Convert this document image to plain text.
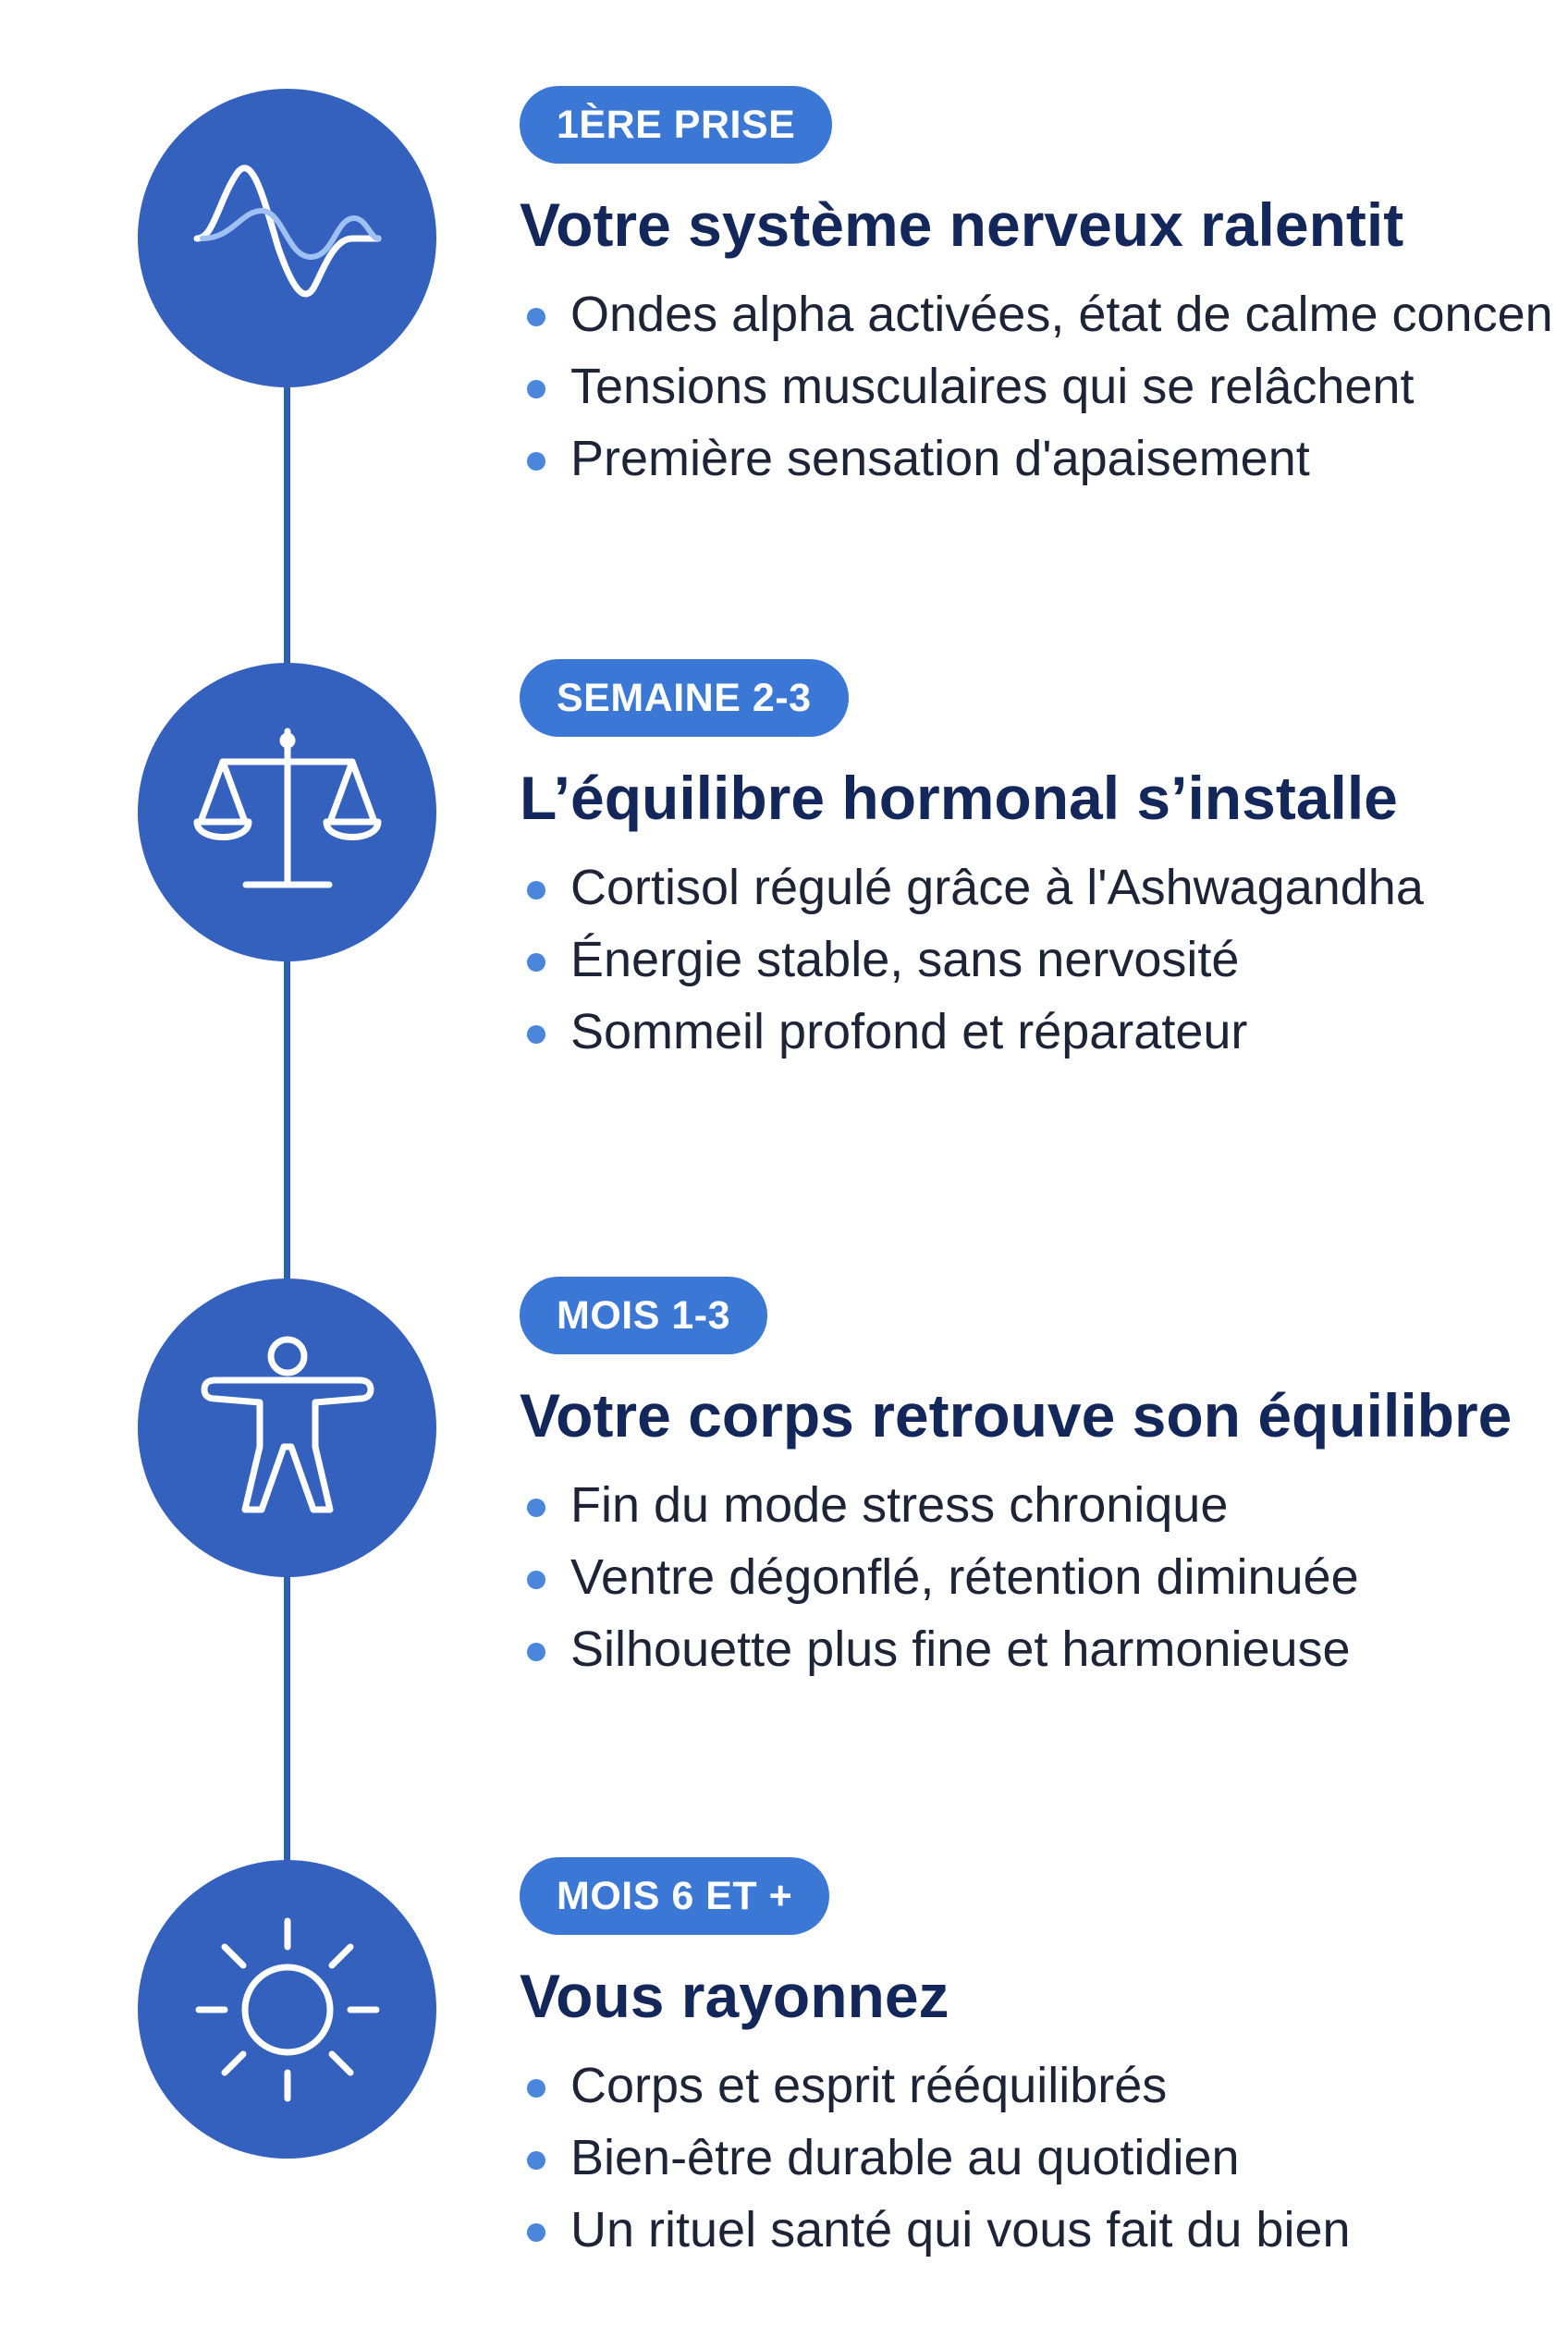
1ÈRE PRISE
Votre système nerveux ralentit
Ondes alpha activées, état de calme concen
Tensions musculaires qui se relâchent
Première sensation d'apaisement
SEMAINE 2-3
L’équilibre hormonal s’installe
Cortisol régulé grâce à l'Ashwagandha
Énergie stable, sans nervosité
Sommeil profond et réparateur
MOIS 1-3
Votre corps retrouve son équilibre
Fin du mode stress chronique
Ventre dégonflé, rétention diminuée
Silhouette plus fine et harmonieuse
MOIS 6 ET +
Vous rayonnez
Corps et esprit rééquilibrés
Bien-être durable au quotidien
Un rituel santé qui vous fait du bien
